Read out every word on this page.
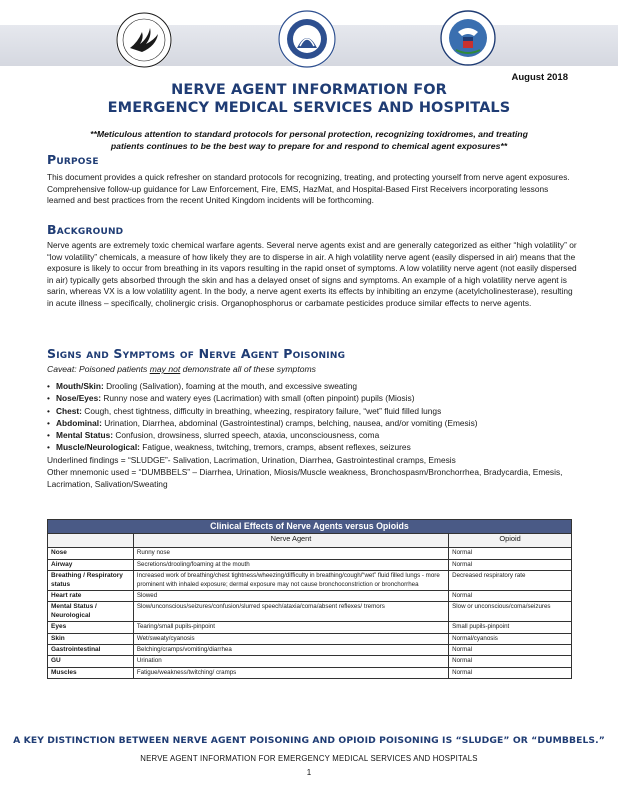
August 2018
NERVE AGENT INFORMATION FOR
EMERGENCY MEDICAL SERVICES AND HOSPITALS
**Meticulous attention to standard protocols for personal protection, recognizing toxidromes, and treating patients continues to be the best way to prepare for and respond to chemical agent exposures**
Purpose
This document provides a quick refresher on standard protocols for recognizing, treating, and protecting yourself from nerve agent exposures. Comprehensive follow-up guidance for Law Enforcement, Fire, EMS, HazMat, and Hospital-Based First Receivers incorporating lessons learned and best practices from the recent United Kingdom incidents will be forthcoming.
Background
Nerve agents are extremely toxic chemical warfare agents. Several nerve agents exist and are generally categorized as either “high volatility” or “low volatility” chemicals, a measure of how likely they are to disperse in air. A high volatility nerve agent (easily dispersed in air) means that the exposure is likely to occur from breathing in its vapors resulting in the rapid onset of symptoms. A low volatility nerve agent (not easily dispersed in air) typically gets absorbed through the skin and has a delayed onset of signs and symptoms. An example of a high volatility nerve agent is sarin, whereas VX is a low volatility agent. In the body, a nerve agent exerts its effects by inhibiting an enzyme (acetylcholinesterase), resulting in acute illness – specifically, cholinergic crisis. Organophosphorus or carbamate pesticides produce similar effects to nerve agents.
Signs and Symptoms of Nerve Agent Poisoning
Caveat: Poisoned patients may not demonstrate all of these symptoms
• Mouth/Skin: Drooling (Salivation), foaming at the mouth, and excessive sweating
• Nose/Eyes: Runny nose and watery eyes (Lacrimation) with small (often pinpoint) pupils (Miosis)
• Chest: Cough, chest tightness, difficulty in breathing, wheezing, respiratory failure, “wet” fluid filled lungs
• Abdominal: Urination, Diarrhea, abdominal (Gastrointestinal) cramps, belching, nausea, and/or vomiting (Emesis)
• Mental Status: Confusion, drowsiness, slurred speech, ataxia, unconsciousness, coma
• Muscle/Neurological: Fatigue, weakness, twitching, tremors, cramps, absent reflexes, seizures
Underlined findings = “SLUDGE”- Salivation, Lacrimation, Urination, Diarrhea, Gastrointestinal cramps, Emesis
Other mnemonic used = “DUMBBELS” – Diarrhea, Urination, Miosis/Muscle weakness, Bronchospasm/Bronchorrhea, Bradycardia, Emesis, Lacrimation, Salivation/Sweating
Clinical Effects of Nerve Agents versus Opioids		
	Nerve Agent	Opioid
Nose	Runny nose	Normal
Airway	Secretions/drooling/foaming at the mouth	Normal
Breathing / Respiratory status	Increased work of breathing/chest tightness/wheezing/difficulty in breathing/cough/“wet” fluid filled lungs - more prominent with inhaled exposure; dermal exposure may not cause bronchoconstriction or bronchorrhea	Decreased respiratory rate
Heart rate	Slowed	Normal
Mental Status / Neurological	Slow/unconscious/seizures/confusion/slurred speech/ataxia/coma/absent reflexes/ tremors	Slow or unconscious/coma/seizures
Eyes	Tearing/small pupils-pinpoint	Small pupils-pinpoint
Skin	Wet/sweaty/cyanosis	Normal/cyanosis
Gastrointestinal	Belching/cramps/vomiting/diarrhea	Normal
GU	Urination	Normal
Muscles	Fatigue/weakness/twitching/ cramps	Normal
A KEY DISTINCTION BETWEEN NERVE AGENT POISONING AND OPIOID POISONING IS “SLUDGE” OR “DUMBBELS.”
NERVE AGENT INFORMATION FOR EMERGENCY MEDICAL SERVICES AND HOSPITALS
1
